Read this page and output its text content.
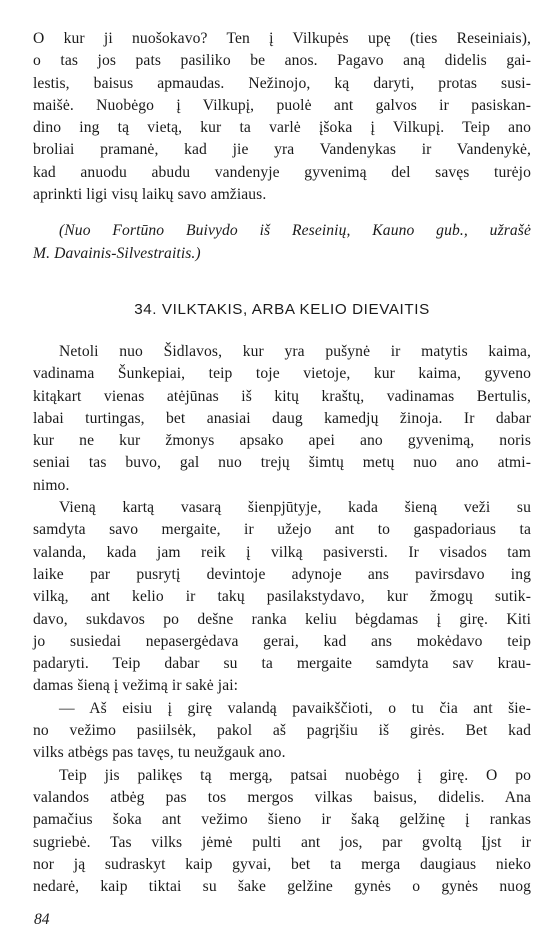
O kur ji nuošokavo? Ten į Vilkupės upę (ties Reseiniais),
o tas jos pats pasiliko be anos. Pagavo aną didelis gai-
lestis, baisus apmaudas. Nežinojo, ką daryti, protas susi-
maišė. Nuobėgo į Vilkupį, puolė ant galvos ir pasiskan-
dino ing tą vietą, kur ta varlė įšoka į Vilkupį. Teip ano
broliai pramanė, kad jie yra Vandenykas ir Vandenykė,
kad anuodu abudu vandenyje gyvenimą del savęs turėjo
aprinkti ligi visų laikų savo amžiaus.
(Nuo Fortūno Buivydo iš Reseinių, Kauno gub., užrašė
M. Davainis-Silvestraitis.)
34. VILKTAKIS, ARBA KELIO DIEVAITIS
Netoli nuo Šidlavos, kur yra pušynė ir matytis kaima,
vadinama Šunkepiai, teip toje vietoje, kur kaima, gyveno
kitąkart vienas atėjūnas iš kitų kraštų, vadinamas Bertulis,
labai turtingas, bet anasiai daug kamedjų žinoja. Ir dabar
kur ne kur žmonys apsako apei ano gyvenimą, noris
seniai tas buvo, gal nuo trejų šimtų metų nuo ano atmi-
nimo.
Vieną kartą vasarą šienpjūtyje, kada šieną veži su
samdyta savo mergaite, ir užejo ant to gaspadoriaus ta
valanda, kada jam reik į vilką pasiversti. Ir visados tam
laike par pusrytį devintoje adynoje ans pavirsdavo ing
vilką, ant kelio ir takų pasilakstydavo, kur žmogų sutik-
davo, sukdavos po dešne ranka keliu bėgdamas į girę. Kiti
jo susiedai nepasergėdava gerai, kad ans mokėdavo teip
padaryti. Teip dabar su ta mergaite samdyta sav krau-
damas šieną į vežimą ir sakė jai:
— Aš eisiu į girę valandą pavaikščioti, o tu čia ant šie-
no vežimo pasiilsėk, pakol aš pagrįšiu iš girės. Bet kad
vilks atbėgs pas tavęs, tu neužgauk ano.
Teip jis palikęs tą mergą, patsai nuobėgo į girę. O po
valandos atbėg pas tos mergos vilkas baisus, didelis. Ana
pamačius šoka ant vežimo šieno ir šaką gelžinę į rankas
sugriebė. Tas vilks jėmė pulti ant jos, par gvoltą Įjst ir
nor ją sudraskyt kaip gyvai, bet ta merga daugiaus nieko
nedarė, kaip tiktai su šake gelžine gynės o gynės nuog
84
